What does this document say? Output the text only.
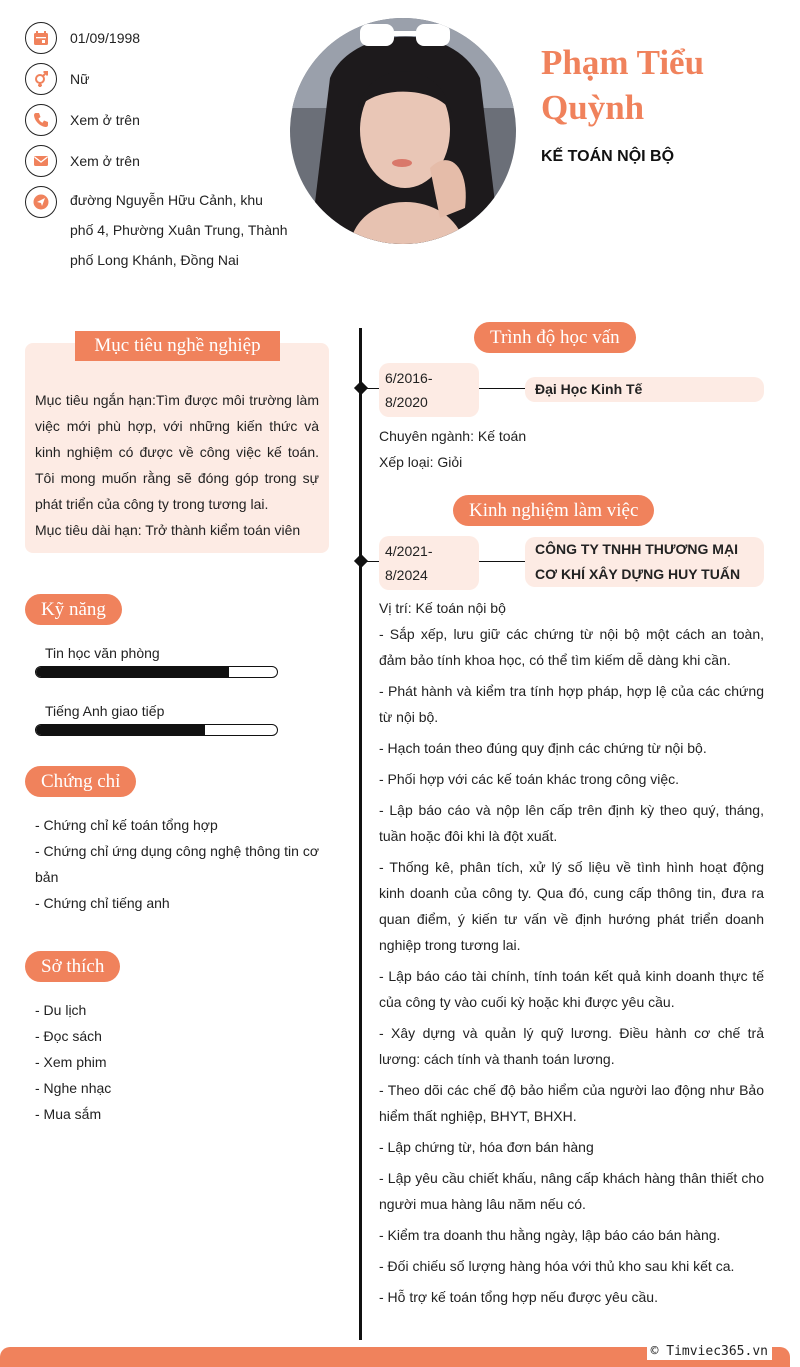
01/09/1998
Nữ
Xem ở trên
Xem ở trên
đường Nguyễn Hữu Cảnh, khu
phố 4, Phường Xuân Trung, Thành
phố Long Khánh, Đồng Nai
Phạm Tiểu
Quỳnh
KẾ TOÁN NỘI BỘ
Mục tiêu nghề nghiệp
Mục tiêu ngắn hạn:Tìm được môi trường làm việc mới phù hợp, với những kiến thức và kinh nghiệm có được về công việc kế toán. Tôi mong muốn rằng sẽ đóng góp trong sự phát triển của công ty trong tương lai.
Mục tiêu dài hạn: Trở thành kiểm toán viên
Kỹ năng
Tin học văn phòng
Tiếng Anh giao tiếp
Chứng chỉ
- Chứng chỉ kế toán tổng hợp
- Chứng chỉ ứng dụng công nghệ thông tin cơ bản
- Chứng chỉ tiếng anh
Sở thích
- Du lịch
- Đọc sách
- Xem phim
- Nghe nhạc
- Mua sắm
Trình độ học vấn
6/2016-
8/2020
Đại Học Kinh Tế
Chuyên ngành: Kế toán
Xếp loại: Giỏi
Kinh nghiệm làm việc
4/2021-
8/2024
CÔNG TY TNHH THƯƠNG MẠI CƠ KHÍ XÂY DỰNG HUY TUẤN

Vị trí: Kế toán nội bộ

- Sắp xếp, lưu giữ các chứng từ nội bộ một cách an toàn, đảm bảo tính khoa học, có thể tìm kiếm dễ dàng khi cần.

- Phát hành và kiểm tra tính hợp pháp, hợp lệ của các chứng từ nội bộ.

- Hạch toán theo đúng quy định các chứng từ nội bộ.

- Phối hợp với các kế toán khác trong công việc.

- Lập báo cáo và nộp lên cấp trên định kỳ theo quý, tháng, tuần hoặc đôi khi là đột xuất.

- Thống kê, phân tích, xử lý số liệu về tình hình hoạt động kinh doanh của công ty. Qua đó, cung cấp thông tin, đưa ra quan điểm, ý kiến tư vấn về định hướng phát triển doanh nghiệp trong tương lai.

- Lập báo cáo tài chính, tính toán kết quả kinh doanh thực tế của công ty vào cuối kỳ hoặc khi được yêu cầu.

- Xây dựng và quản lý quỹ lương. Điều hành cơ chế trả lương: cách tính và thanh toán lương.

- Theo dõi các chế độ bảo hiểm của người lao động như Bảo hiểm thất nghiệp, BHYT, BHXH.

- Lập chứng từ, hóa đơn bán hàng

- Lập yêu cầu chiết khấu, nâng cấp khách hàng thân thiết cho người mua hàng lâu năm nếu có.

- Kiểm tra doanh thu hằng ngày, lập báo cáo bán hàng.

- Đối chiếu số lượng hàng hóa với thủ kho sau khi kết ca.

- Hỗ trợ kế toán tổng hợp nếu được yêu cầu.

© Timviec365.vn
